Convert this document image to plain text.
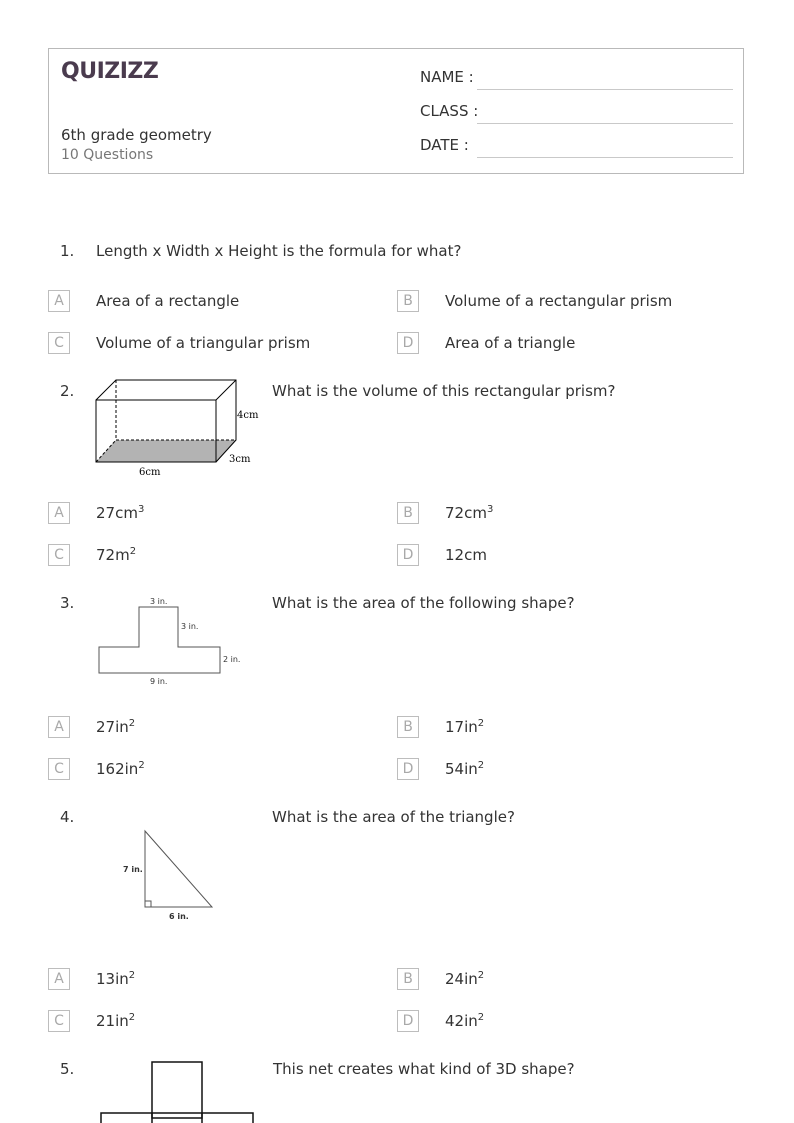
QUIZIZZ
6th grade geometry
10 Questions
NAME :
CLASS :
DATE :
1. Length x Width x Height is the formula for what?
A	Area of a rectangle	B	Volume of a rectangular prism
C	Volume of a triangular prism	D	Area of a triangle
2.
4cm
3cm
6cm
What is the volume of this rectangular prism?
A	$27cm^3$	B	$72cm^3$
C	$72m^2$	D	12cm
3.	3 in.
3 in.
2 in.
9 in.
What is the area of the following shape?
A	$27in^2$	B	$17in^2$
C	$162in^2$	D	$54in^2$
4.
7 in.
6 in.
What is the area of the triangle?
A	$13in^2$	B	$24in^2$
C	$21in^2$	D	$42in^2$
5.	This net creates what kind of 3D shape?
